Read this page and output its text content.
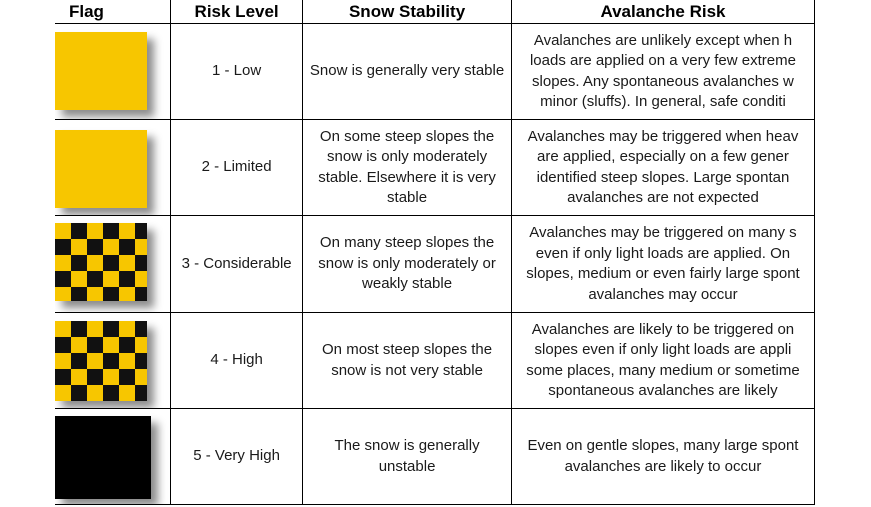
Flag	Risk Level	Snow Stability	Avalanche Risk

	1 - Low	Snow is generally very stable	Avalanches are unlikely except when h
loads are applied on a very few extreme
slopes. Any spontaneous avalanches w
minor (sluffs). In general, safe conditi

	2 - Limited	On some steep slopes the snow is only moderately stable. Elsewhere it is very stable	Avalanches may be triggered when heav
are applied, especially on a few gener
identified steep slopes. Large spontan
avalanches are not expected

	3 - Considerable	On many steep slopes the snow is only moderately or weakly stable	Avalanches may be triggered on many s
even if only light loads are applied. On
slopes, medium or even fairly large spont
avalanches may occur

	4 - High	On most steep slopes the snow is not very stable	Avalanches are likely to be triggered on
slopes even if only light loads are appli
some places, many medium or sometime
spontaneous avalanches are likely

	5 - Very High	The snow is generally unstable	Even on gentle slopes, many large spont
avalanches are likely to occur
